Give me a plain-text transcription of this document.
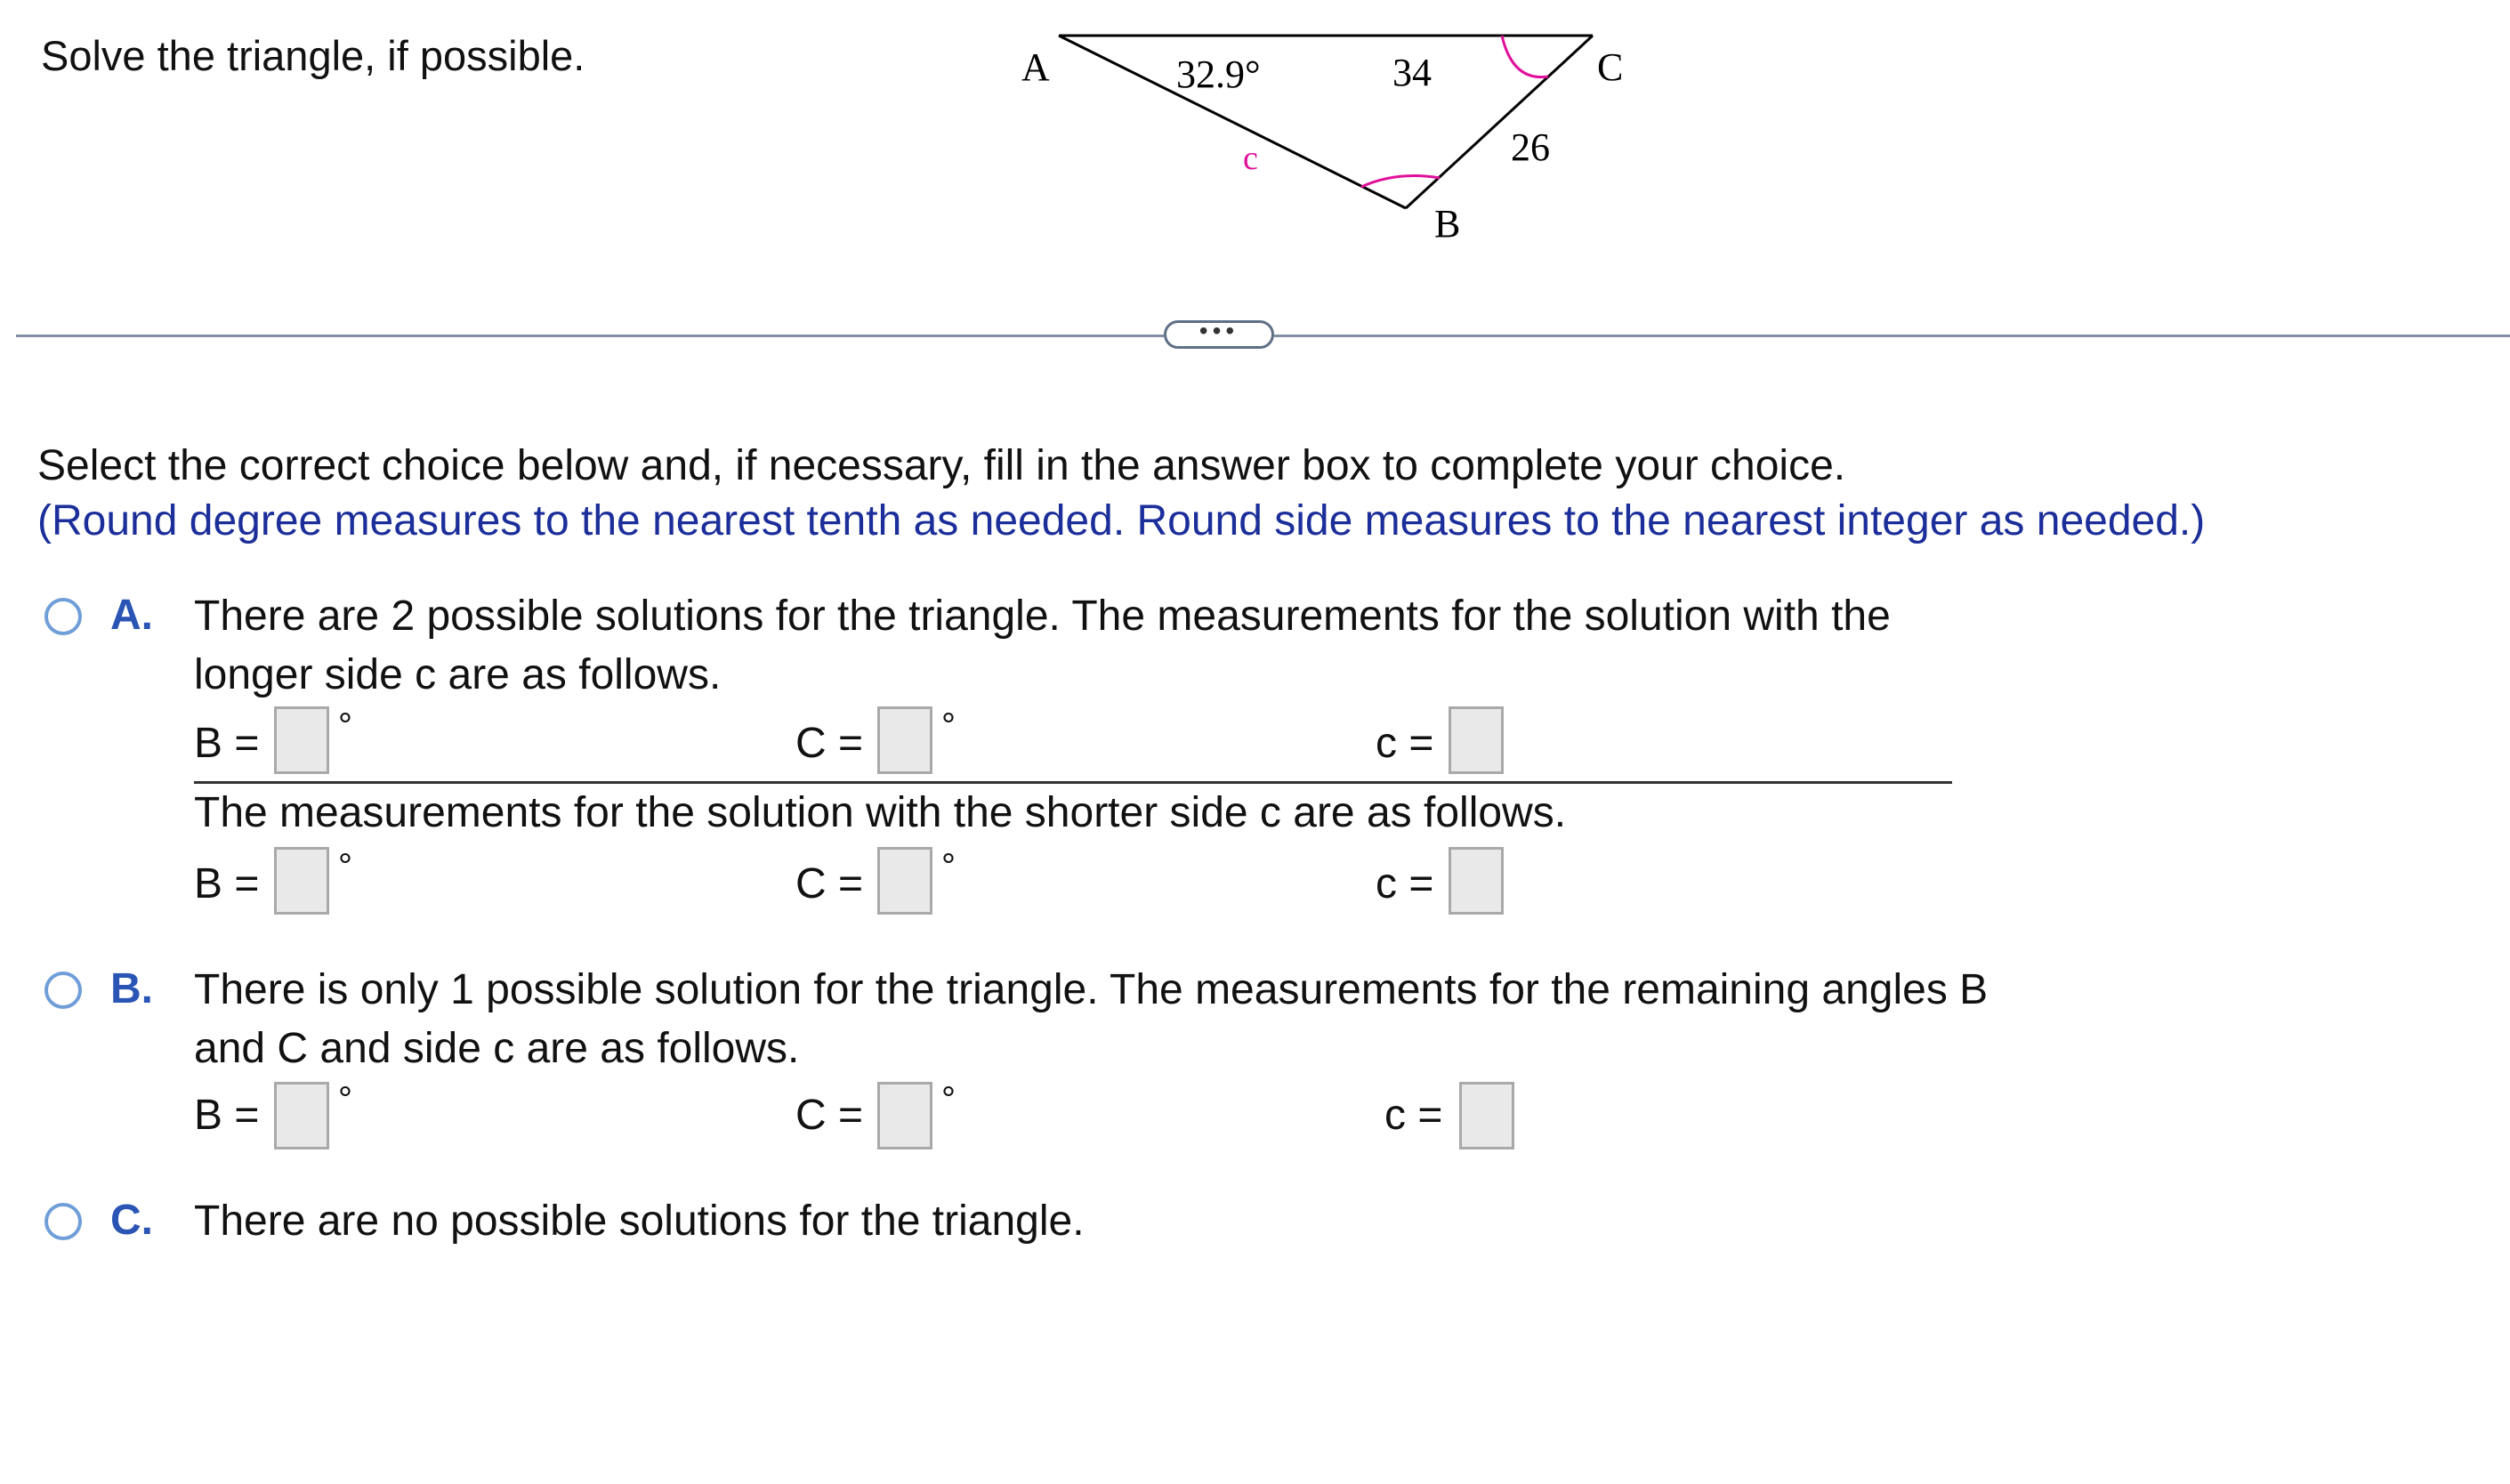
Solve the triangle, if possible.	A	C
B
32.9°	34
26
c
•••
Select the correct choice below and, if necessary, fill in the answer box to complete your choice.
(Round degree measures to the nearest tenth as needed. Round side measures to the nearest integer as needed.)
A. There are 2 possible solutions for the triangle. The measurements for the solution with the longer side c are as follows.
B = °	C = °	c =
The measurements for the solution with the shorter side c are as follows.
B = °	C = °	c =
B. There is only 1 possible solution for the triangle. The measurements for the remaining angles B and C and side c are as follows.
B = °	C = °	c =
C. There are no possible solutions for the triangle.
